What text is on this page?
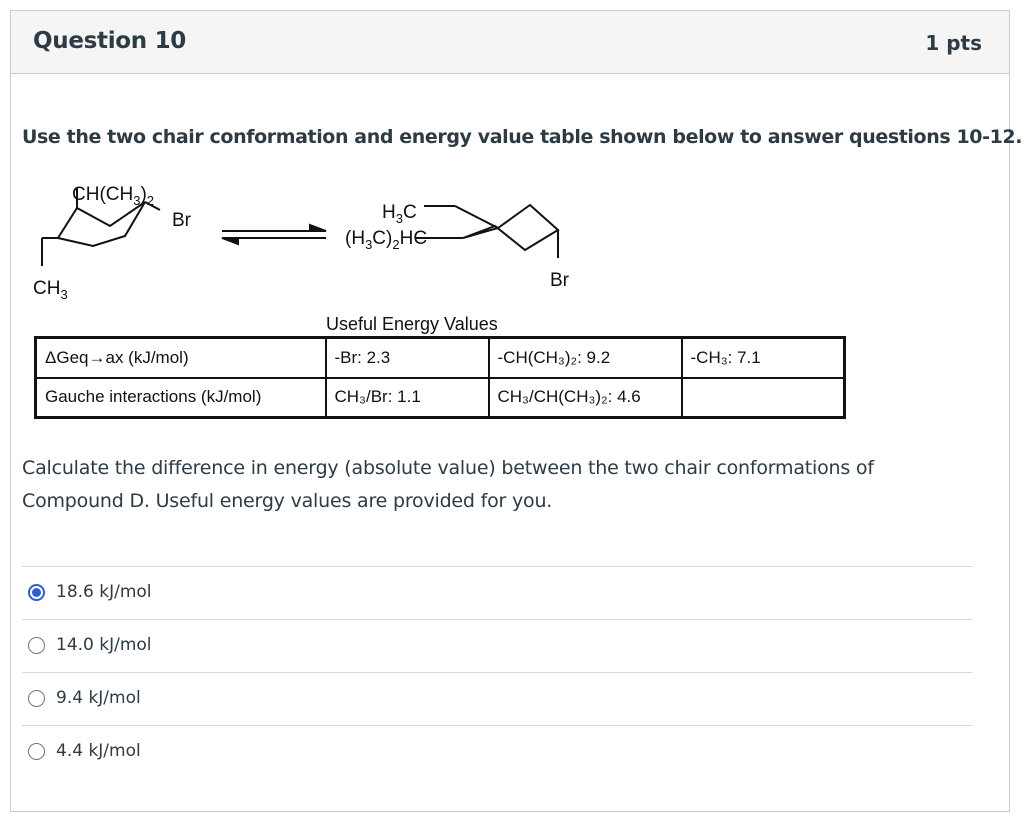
Question 10	1 pts
Use the two chair conformation and energy value table shown below to answer questions 10-12.
$CH(CH_3)_2$
Br
$CH_3$
$H_3C$
$(H_3C)_2HC$
Br
Useful Energy Values
ΔGeq→ax (kJ/mol)	-Br: 2.3	-CH(CH₃)₂: 9.2	-CH₃: 7.1
Gauche interactions (kJ/mol)	CH₃/Br: 1.1	CH₃/CH(CH₃)₂: 4.6	
Calculate the difference in energy (absolute value) between the two chair conformations of Compound D. Useful energy values are provided for you.
18.6 kJ/mol
14.0 kJ/mol
9.4 kJ/mol
4.4 kJ/mol
